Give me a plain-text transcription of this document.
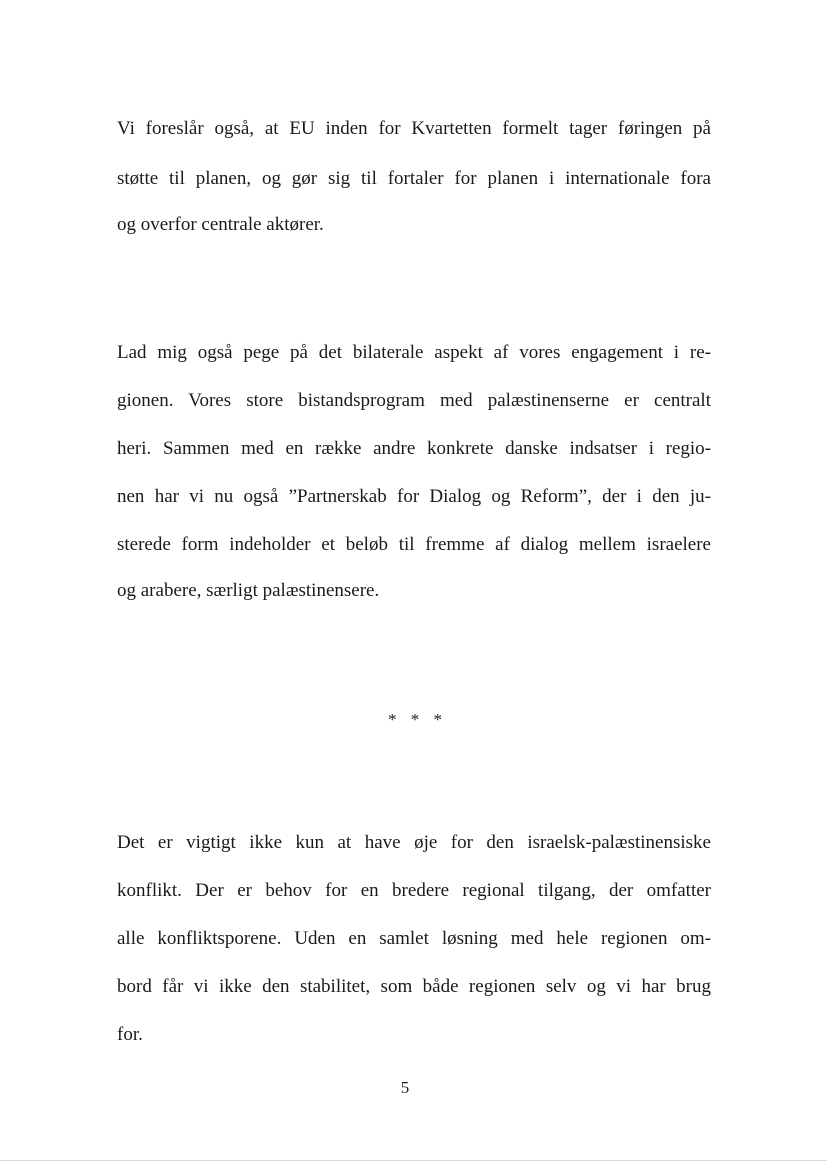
Vi foreslår også, at EU inden for Kvartetten formelt tager føringen på
støtte til planen, og gør sig til fortaler for planen i internationale fora
og overfor centrale aktører.
Lad mig også pege på det bilaterale aspekt af vores engagement i re-
gionen. Vores store bistandsprogram med palæstinenserne er centralt
heri. Sammen med en række andre konkrete danske indsatser i regio-
nen har vi nu også ”Partnerskab for Dialog og Reform”, der i den ju-
sterede form indeholder et beløb til fremme af dialog mellem israelere
og arabere, særligt palæstinensere.
* * *
Det er vigtigt ikke kun at have øje for den israelsk-palæstinensiske
konflikt. Der er behov for en bredere regional tilgang, der omfatter
alle konfliktsporene. Uden en samlet løsning med hele regionen om-
bord får vi ikke den stabilitet, som både regionen selv og vi har brug
for.
5
